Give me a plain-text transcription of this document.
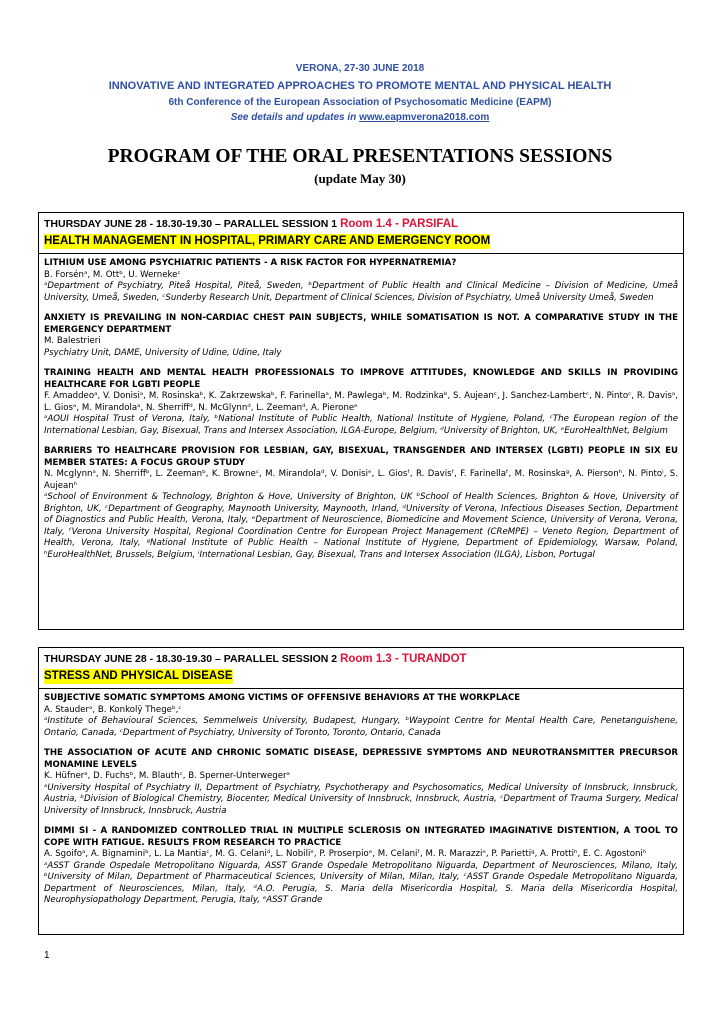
VERONA, 27-30 JUNE 2018
INNOVATIVE AND INTEGRATED APPROACHES TO PROMOTE MENTAL AND PHYSICAL HEALTH
6th Conference of the European Association of Psychosomatic Medicine (EAPM)
See details and updates in www.eapmverona2018.com
PROGRAM OF THE ORAL PRESENTATIONS SESSIONS
(update May 30)
THURSDAY JUNE 28 - 18.30-19.30 – PARALLEL SESSION 1 Room 1.4 - PARSIFAL
HEALTH MANAGEMENT IN HOSPITAL, PRIMARY CARE AND EMERGENCY ROOM
LITHIUM USE AMONG PSYCHIATRIC PATIENTS - A RISK FACTOR FOR HYPERNATREMIA?
B. Forsénᵃ, M. Ottᵇ, U. Wernekeᶜ
ᵃDepartment of Psychiatry, Piteå Hospital, Piteå, Sweden, ᵇDepartment of Public Health and Clinical Medicine – Division of Medicine, Umeå University, Umeå, Sweden, ᶜSunderby Research Unit, Department of Clinical Sciences, Division of Psychiatry, Umeå University Umeå, Sweden
ANXIETY IS PREVAILING IN NON-CARDIAC CHEST PAIN SUBJECTS, WHILE SOMATISATION IS NOT. A COMPARATIVE STUDY IN THE EMERGENCY DEPARTMENT
M. Balestrieri
Psychiatry Unit, DAME, University of Udine, Udine, Italy
TRAINING HEALTH AND MENTAL HEALTH PROFESSIONALS TO IMPROVE ATTITUDES, KNOWLEDGE AND SKILLS IN PROVIDING HEALTHCARE FOR LGBTI PEOPLE
F. Amaddeoᵃ, V. Donisiᵃ, M. Rosinskaᵇ, K. Zakrzewskaᵇ, F. Farinellaᵃ, M. Pawlegaᵇ, M. Rodzinkaᵇ, S. Aujeanᶜ, J. Sanchez-Lambertᶜ, N. Pintoᶜ, R. Davisᵃ, L. Giosᵃ, M. Mirandolaᵃ, N. Sherriffᵈ, N. McGlynnᵈ, L. Zeemanᵈ, A. Pieroneᵉ
ᵃAOUI Hospital Trust of Verona, Italy, ᵇNational Institute of Public Health, National Institute of Hygiene, Poland, ᶜThe European region of the International Lesbian, Gay, Bisexual, Trans and Intersex Association, ILGA-Europe, Belgium, ᵈUniversity of Brighton, UK, ᵉEuroHealthNet, Belgium
BARRIERS TO HEALTHCARE PROVISION FOR LESBIAN, GAY, BISEXUAL, TRANSGENDER AND INTERSEX (LGBTI) PEOPLE IN SIX EU MEMBER STATES: A FOCUS GROUP STUDY
N. Mcglynnᵃ, N. Sherriffᵇ, L. Zeemanᵇ, K. Browneᶜ, M. Mirandolaᵈ, V. Donisiᵉ, L. Giosᶠ, R. Davisᶠ, F. Farinellaᶠ, M. Rosinskaᵍ, A. Piersonʰ, N. Pintoⁱ, S. Aujeanʰ
ᵃSchool of Environment & Technology, Brighton & Hove, University of Brighton, UK ᵇSchool of Health Sciences, Brighton & Hove, University of Brighton, UK, ᶜDepartment of Geography, Maynooth University, Maynooth, Irland, ᵈUniversity of Verona, Infectious Diseases Section, Department of Diagnostics and Public Health, Verona, Italy, ᵉDepartment of Neuroscience, Biomedicine and Movement Science, University of Verona, Verona, Italy, ᶠVerona University Hospital, Regional Coordination Centre for European Project Management (CReMPE) – Veneto Region, Department of Health, Verona, Italy, ᵍNational Institute of Public Health – National Institute of Hygiene, Department of Epidemiology, Warsaw, Poland, ʰEuroHealthNet, Brussels, Belgium, ⁱInternational Lesbian, Gay, Bisexual, Trans and Intersex Association (ILGA), Lisbon, Portugal
THURSDAY JUNE 28 - 18.30-19.30 – PARALLEL SESSION 2 Room 1.3 - TURANDOT
STRESS AND PHYSICAL DISEASE
SUBJECTIVE SOMATIC SYMPTOMS AMONG VICTIMS OF OFFENSIVE BEHAVIORS AT THE WORKPLACE
A. Stauderᵃ, B. Konkolÿ Thegeᵇ,ᶜ
ᵃInstitute of Behavioural Sciences, Semmelweis University, Budapest, Hungary, ᵇWaypoint Centre for Mental Health Care, Penetanguishene, Ontario, Canada, ᶜDepartment of Psychiatry, University of Toronto, Toronto, Ontario, Canada
THE ASSOCIATION OF ACUTE AND CHRONIC SOMATIC DISEASE, DEPRESSIVE SYMPTOMS AND NEUROTRANSMITTER PRECURSOR MONAMINE LEVELS
K. Hüfnerᵃ, D. Fuchsᵇ, M. Blauthᶜ, B. Sperner-Unterwegerᵃ
ᵃUniversity Hospital of Psychiatry II, Department of Psychiatry, Psychotherapy and Psychosomatics, Medical University of Innsbruck, Innsbruck, Austria, ᵇDivision of Biological Chemistry, Biocenter, Medical University of Innsbruck, Innsbruck, Austria, ᶜDepartment of Trauma Surgery, Medical University of Innsbruck, Innsbruck, Austria
DIMMI SI - A RANDOMIZED CONTROLLED TRIAL IN MULTIPLE SCLEROSIS ON INTEGRATED IMAGINATIVE DISTENTION, A TOOL TO COPE WITH FATIGUE. RESULTS FROM RESEARCH TO PRACTICE
A. Sgoifoᵃ, A. Bignaminiᵇ, L. La Mantiaᶜ, M. G. Celaniᵈ, L. Nobiliᵉ, P. Proserpioᵉ, M. Celaniᶠ, M. R. Marazziᵉ, P. Pariettiᵍ, A. Prottiʰ, E. C. Agostoniʰ
ᵃASST Grande Ospedale Metropolitano Niguarda, ASST Grande Ospedale Metropolitano Niguarda, Department of Neurosciences, Milano, Italy, ᵇUniversity of Milan, Department of Pharmaceutical Sciences, University of Milan, Milan, Italy, ᶜASST Grande Ospedale Metropolitano Niguarda, Department of Neurosciences, Milan, Italy, ᵈA.O. Perugia, S. Maria della Misericordia Hospital, S. Maria della Misericordia Hospital, Neurophysiopathology Department, Perugia, Italy, ᵉASST Grande
1
